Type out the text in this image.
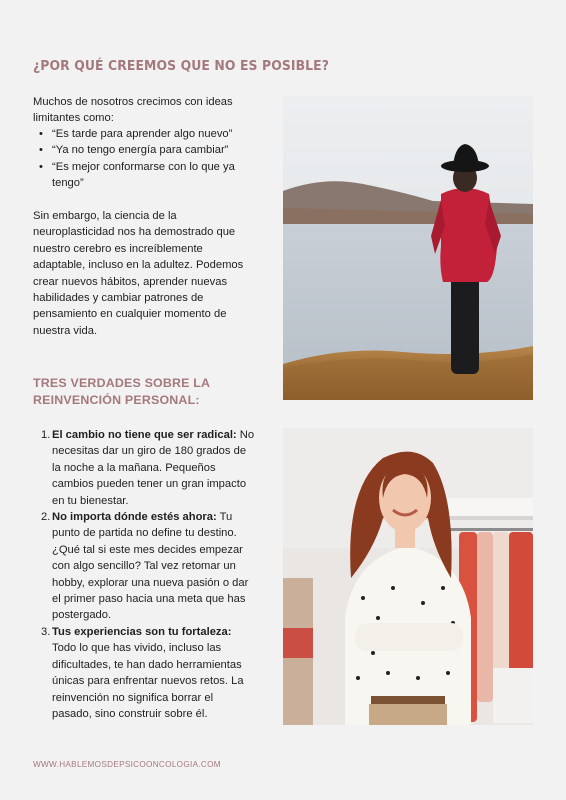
¿POR QUÉ CREEMOS QUE NO ES POSIBLE?

Muchos de nosotros crecimos con ideas limitantes como:

• “Es tarde para aprender algo nuevo”
• “Ya no tengo energía para cambiar”
• “Es mejor conformarse con lo que ya tengo”

Sin embargo, la ciencia de la neuroplasticidad nos ha demostrado que nuestro cerebro es increíblemente adaptable, incluso en la adultez. Podemos crear nuevos hábitos, aprender nuevas habilidades y cambiar patrones de pensamiento en cualquier momento de nuestra vida.

TRES VERDADES SOBRE LA REINVENCIÓN PERSONAL:
1. El cambio no tiene que ser radical: No necesitas dar un giro de 180 grados de la noche a la mañana. Pequeños cambios pueden tener un gran impacto en tu bienestar.
2. No importa dónde estés ahora: Tu punto de partida no define tu destino. ¿Qué tal si este mes decides empezar con algo sencillo? Tal vez retomar un hobby, explorar una nueva pasión o dar el primer paso hacia una meta que has postergado.
3. Tus experiencias son tu fortaleza: Todo lo que has vivido, incluso las dificultades, te han dado herramientas únicas para enfrentar nuevos retos. La reinvención no significa borrar el pasado, sino construir sobre él.
WWW.HABLEMOSDEPSICOONCOLOGIA.COM
